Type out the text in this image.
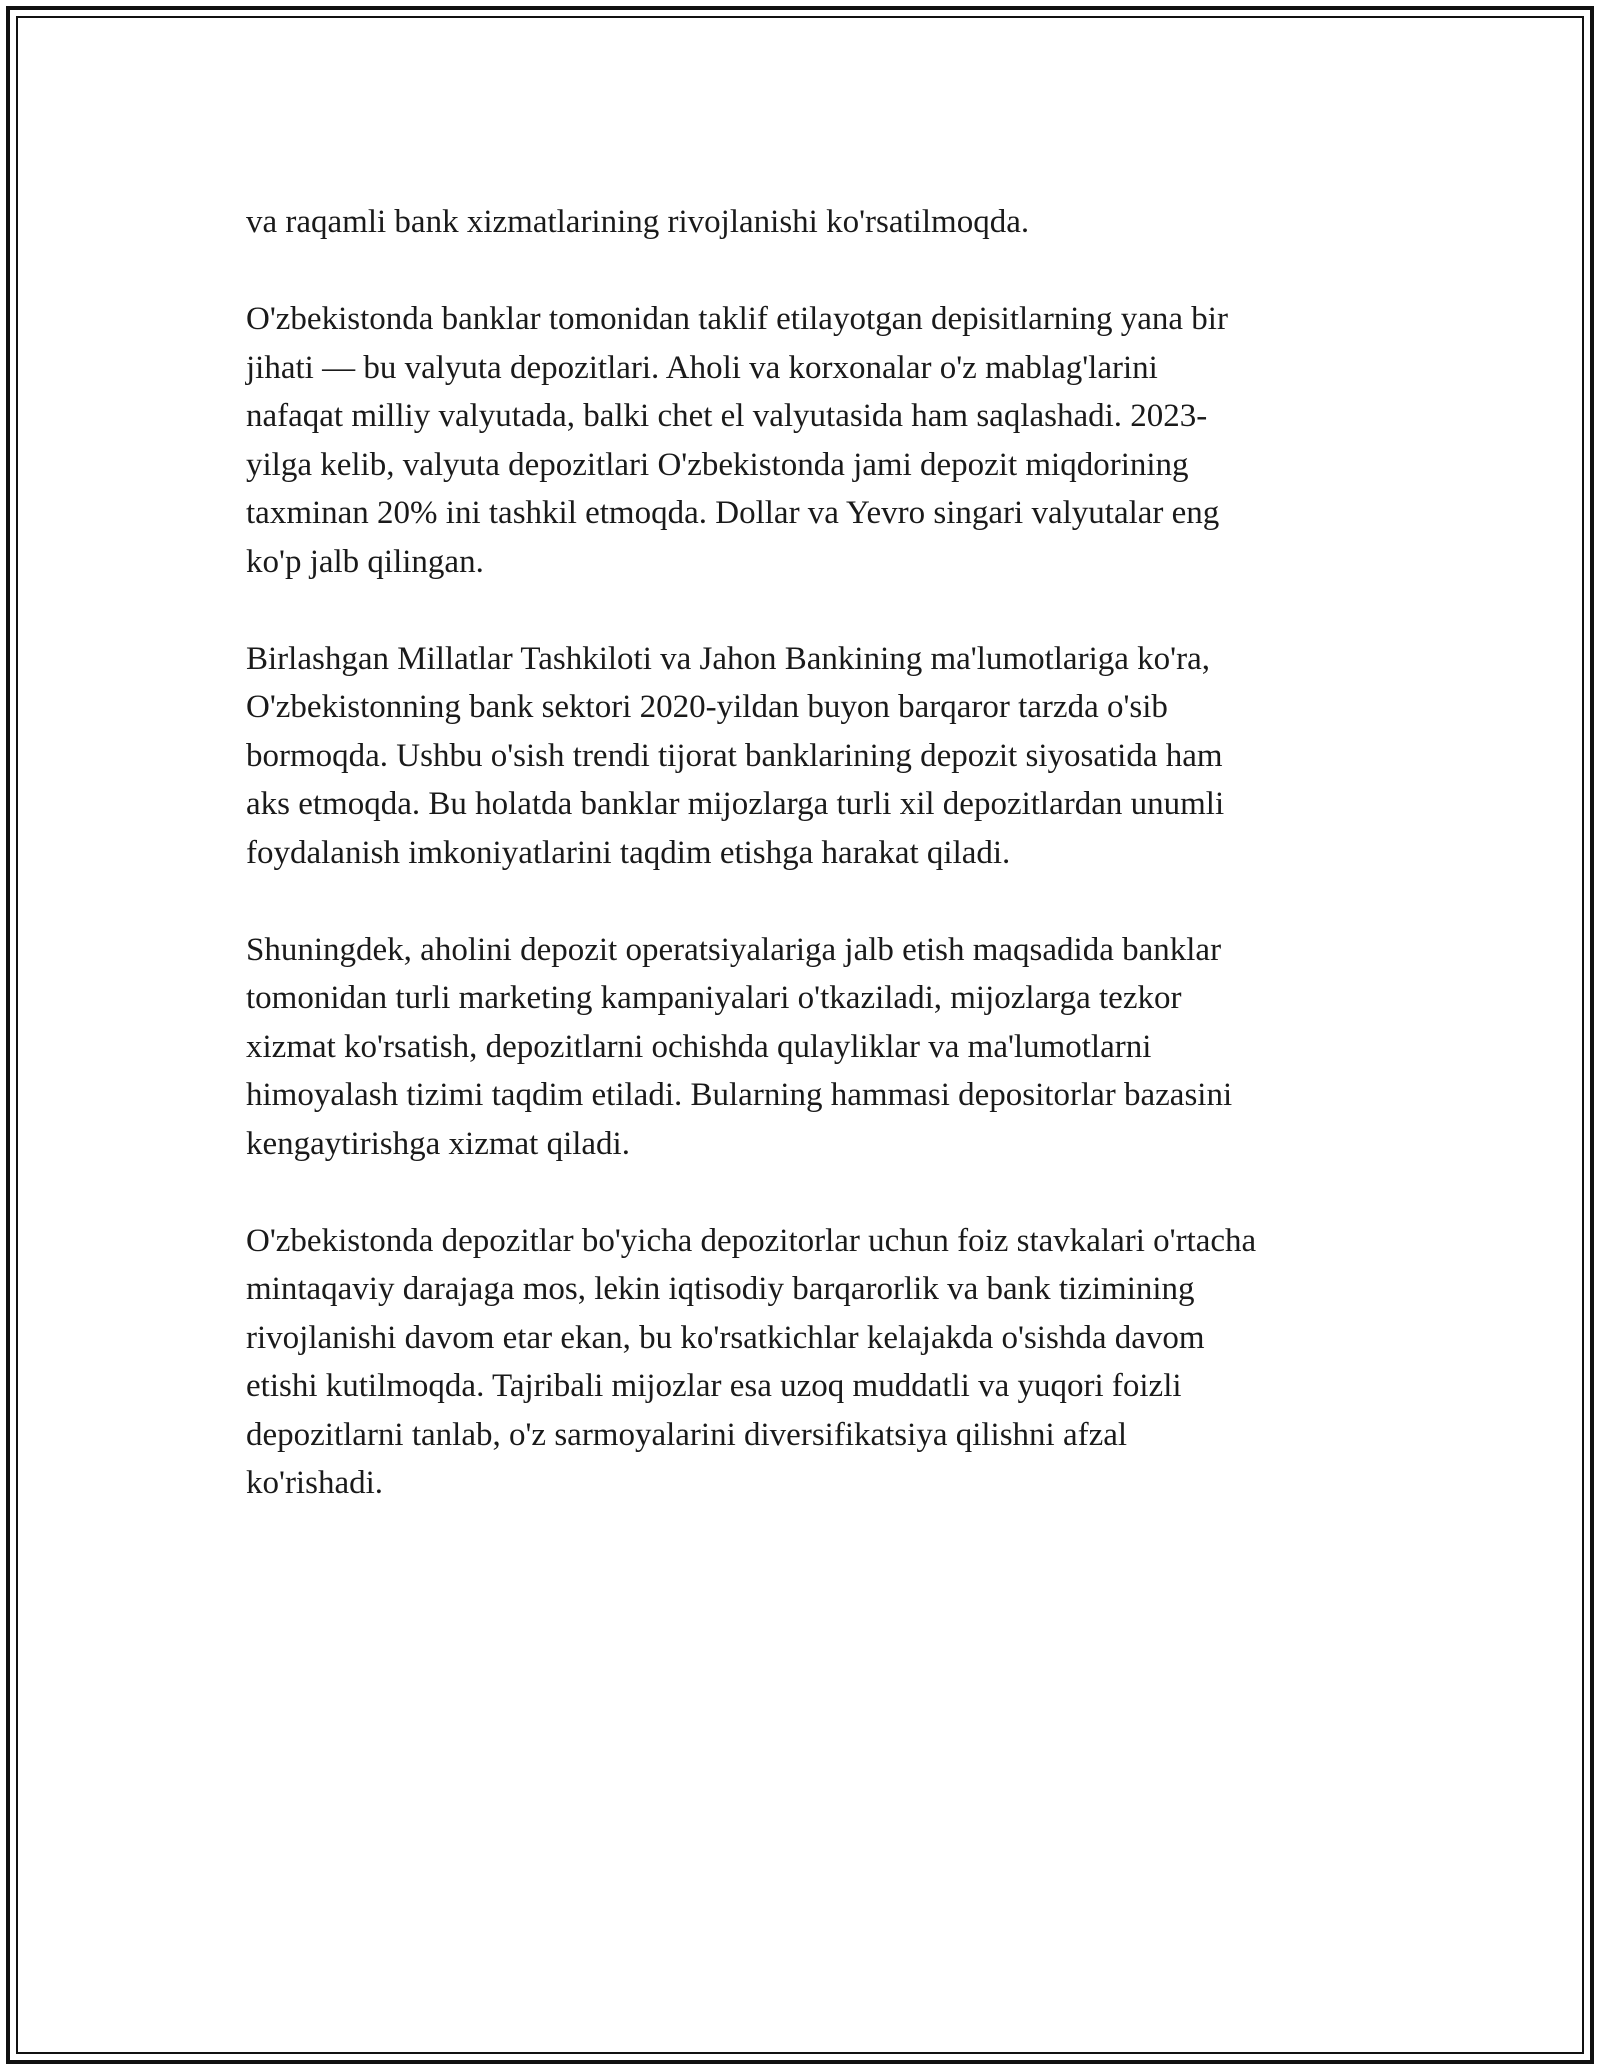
va raqamli bank xizmatlarining rivojlanishi ko'rsatilmoqda.

O'zbekistonda banklar tomonidan taklif etilayotgan depisitlarning yana bir
jihati — bu valyuta depozitlari. Aholi va korxonalar o'z mablag'larini
nafaqat milliy valyutada, balki chet el valyutasida ham saqlashadi. 2023-
yilga kelib, valyuta depozitlari O'zbekistonda jami depozit miqdorining
taxminan 20% ini tashkil etmoqda. Dollar va Yevro singari valyutalar eng
ko'p jalb qilingan.

Birlashgan Millatlar Tashkiloti va Jahon Bankining ma'lumotlariga ko'ra,
O'zbekistonning bank sektori 2020-yildan buyon barqaror tarzda o'sib
bormoqda. Ushbu o'sish trendi tijorat banklarining depozit siyosatida ham
aks etmoqda. Bu holatda banklar mijozlarga turli xil depozitlardan unumli
foydalanish imkoniyatlarini taqdim etishga harakat qiladi.

Shuningdek, aholini depozit operatsiyalariga jalb etish maqsadida banklar
tomonidan turli marketing kampaniyalari o'tkaziladi, mijozlarga tezkor
xizmat ko'rsatish, depozitlarni ochishda qulayliklar va ma'lumotlarni
himoyalash tizimi taqdim etiladi. Bularning hammasi depositorlar bazasini
kengaytirishga xizmat qiladi.

O'zbekistonda depozitlar bo'yicha depozitorlar uchun foiz stavkalari o'rtacha
mintaqaviy darajaga mos, lekin iqtisodiy barqarorlik va bank tizimining
rivojlanishi davom etar ekan, bu ko'rsatkichlar kelajakda o'sishda davom
etishi kutilmoqda. Tajribali mijozlar esa uzoq muddatli va yuqori foizli
depozitlarni tanlab, o'z sarmoyalarini diversifikatsiya qilishni afzal
ko'rishadi.
